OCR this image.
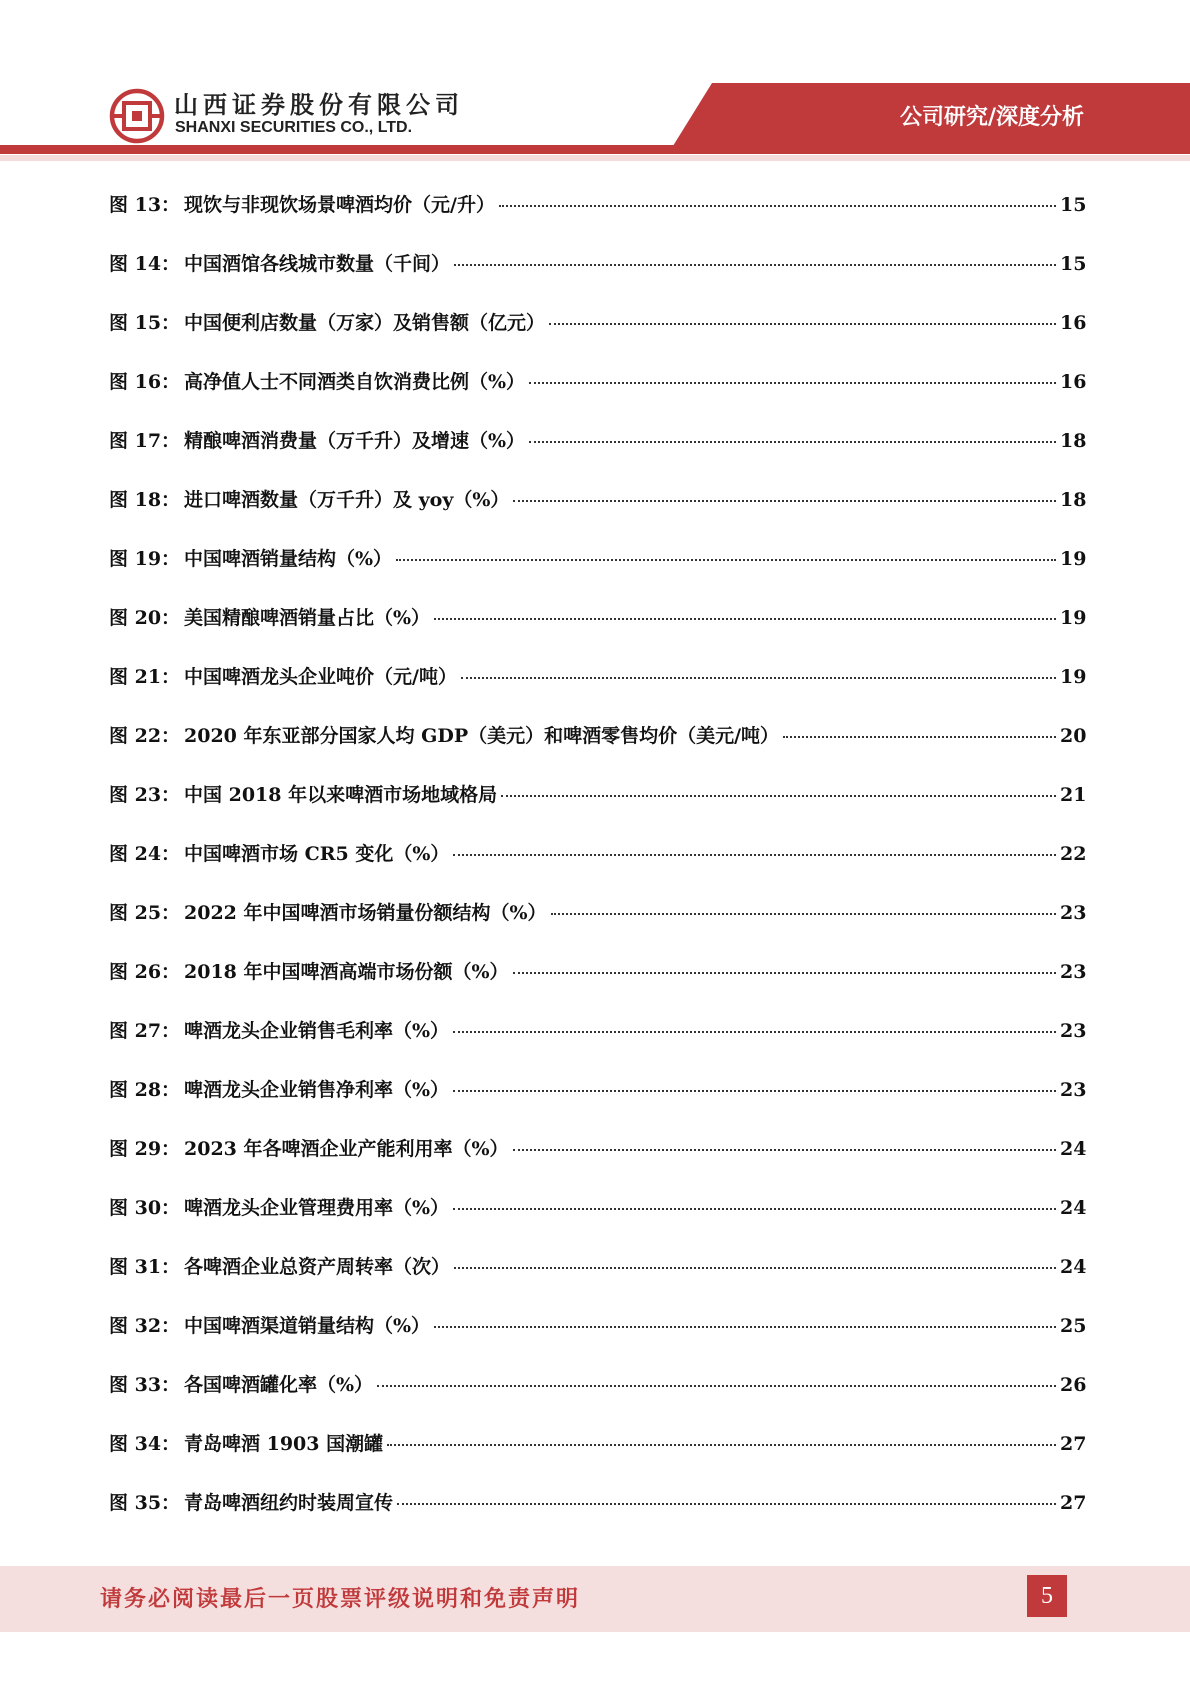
公司研究/深度分析
山西证券股份有限公司
SHANXI SECURITIES CO., LTD.
图 13： 现饮与非现饮场景啤酒均价（元/升）	15
图 14： 中国酒馆各线城市数量（千间）	15
图 15： 中国便利店数量（万家）及销售额（亿元）	16
图 16： 高净值人士不同酒类自饮消费比例（%）	16
图 17： 精酿啤酒消费量（万千升）及增速（%）	18
图 18： 进口啤酒数量（万千升）及 yoy（%）	18
图 19： 中国啤酒销量结构（%）	19
图 20： 美国精酿啤酒销量占比（%）	19
图 21： 中国啤酒龙头企业吨价（元/吨）	19
图 22： 2020 年东亚部分国家人均 GDP（美元）和啤酒零售均价（美元/吨）	20
图 23： 中国 2018 年以来啤酒市场地域格局	21
图 24： 中国啤酒市场 CR5 变化（%）	22
图 25： 2022 年中国啤酒市场销量份额结构（%）	23
图 26： 2018 年中国啤酒高端市场份额（%）	23
图 27： 啤酒龙头企业销售毛利率（%）	23
图 28： 啤酒龙头企业销售净利率（%）	23
图 29： 2023 年各啤酒企业产能利用率（%）	24
图 30： 啤酒龙头企业管理费用率（%）	24
图 31： 各啤酒企业总资产周转率（次）	24
图 32： 中国啤酒渠道销量结构（%）	25
图 33： 各国啤酒罐化率（%）	26
图 34： 青岛啤酒 1903 国潮罐	27
图 35： 青岛啤酒纽约时装周宣传	27
请务必阅读最后一页股票评级说明和免责声明	5
